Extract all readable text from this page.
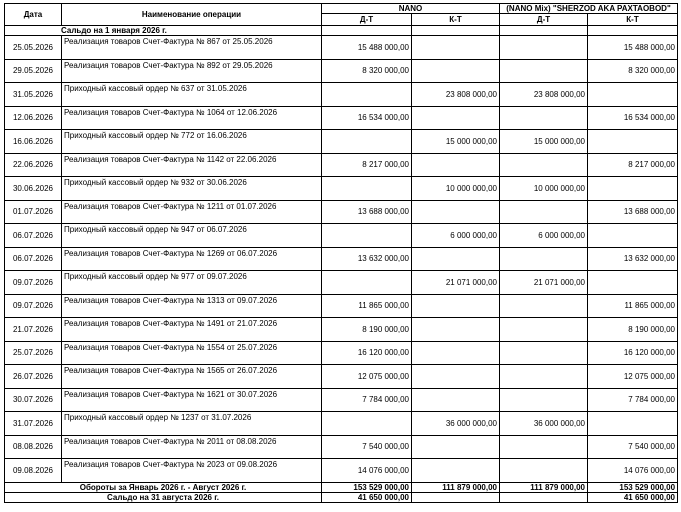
Дата	Наименование операции	NANO		(NANO Mix) "SHERZOD AKA PAXTAOBOD"	
		Д-Т	К-Т	Д-Т	К-Т
Сальдо на 1 января 2026 г.					
25.05.2026	Реализация товаров Счет-Фактура № 867 от 25.05.2026	15 488 000,00			15 488 000,00
29.05.2026	Реализация товаров Счет-Фактура № 892 от 29.05.2026	8 320 000,00			8 320 000,00
31.05.2026	Приходный кассовый ордер № 637 от 31.05.2026		23 808 000,00	23 808 000,00	
12.06.2026	Реализация товаров Счет-Фактура № 1064 от 12.06.2026	16 534 000,00			16 534 000,00
16.06.2026	Приходный кассовый ордер № 772 от 16.06.2026		15 000 000,00	15 000 000,00	
22.06.2026	Реализация товаров Счет-Фактура № 1142 от 22.06.2026	8 217 000,00			8 217 000,00
30.06.2026	Приходный кассовый ордер № 932 от 30.06.2026		10 000 000,00	10 000 000,00	
01.07.2026	Реализация товаров Счет-Фактура № 1211 от 01.07.2026	13 688 000,00			13 688 000,00
06.07.2026	Приходный кассовый ордер № 947 от 06.07.2026		6 000 000,00	6 000 000,00	
06.07.2026	Реализация товаров Счет-Фактура № 1269 от 06.07.2026	13 632 000,00			13 632 000,00
09.07.2026	Приходный кассовый ордер № 977 от 09.07.2026		21 071 000,00	21 071 000,00	
09.07.2026	Реализация товаров Счет-Фактура № 1313 от 09.07.2026	11 865 000,00			11 865 000,00
21.07.2026	Реализация товаров Счет-Фактура № 1491 от 21.07.2026	8 190 000,00			8 190 000,00
25.07.2026	Реализация товаров Счет-Фактура № 1554 от 25.07.2026	16 120 000,00			16 120 000,00
26.07.2026	Реализация товаров Счет-Фактура № 1565 от 26.07.2026	12 075 000,00			12 075 000,00
30.07.2026	Реализация товаров Счет-Фактура № 1621 от 30.07.2026	7 784 000,00			7 784 000,00
31.07.2026	Приходный кассовый ордер № 1237 от 31.07.2026		36 000 000,00	36 000 000,00	
08.08.2026	Реализация товаров Счет-Фактура № 2011 от 08.08.2026	7 540 000,00			7 540 000,00
09.08.2026	Реализация товаров Счет-Фактура № 2023 от 09.08.2026	14 076 000,00			14 076 000,00
Обороты за Январь 2026 г. - Август 2026 г.		153 529 000,00	111 879 000,00	111 879 000,00	153 529 000,00
Сальдо на 31 августа 2026 г.		41 650 000,00			41 650 000,00
